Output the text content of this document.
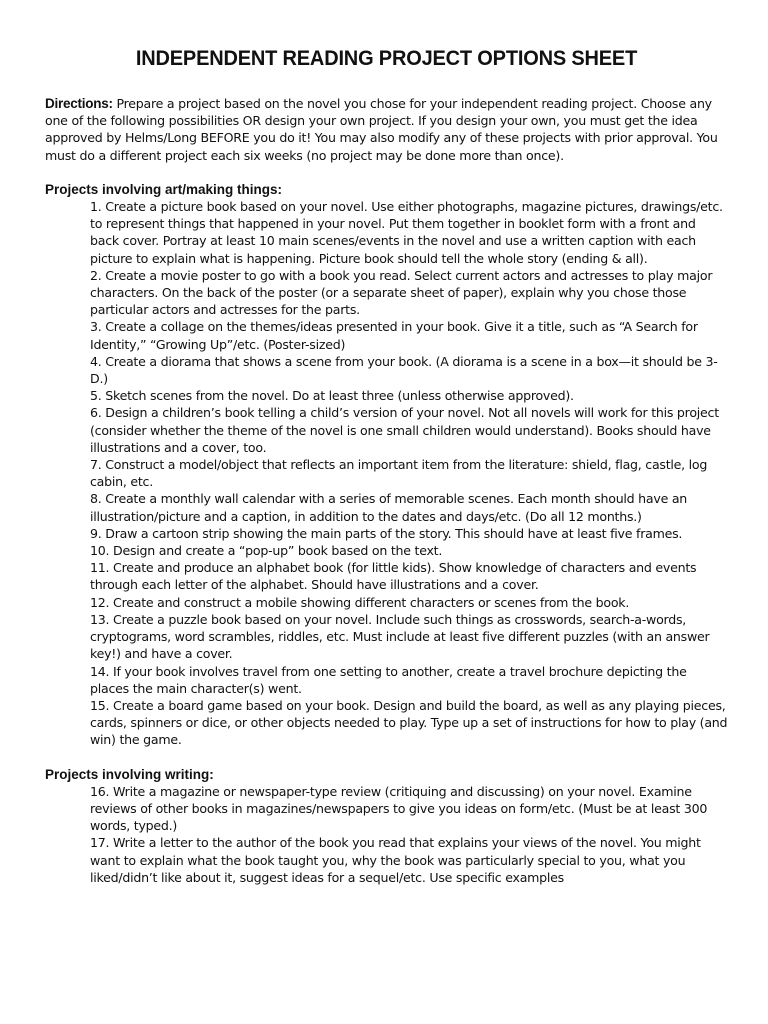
INDEPENDENT READING PROJECT OPTIONS SHEET

Directions: Prepare a project based on the novel you chose for your independent reading project. Choose any one of the following possibilities OR design your own project. If you design your own, you must get the idea approved by Helms/Long BEFORE you do it! You may also modify any of these projects with prior approval. You must do a different project each six weeks (no project may be done more than once).

Projects involving art/making things:

1. Create a picture book based on your novel. Use either photographs, magazine pictures, drawings/etc. to represent things that happened in your novel. Put them together in booklet form with a front and back cover. Portray at least 10 main scenes/events in the novel and use a written caption with each picture to explain what is happening. Picture book should tell the whole story (ending & all).
2. Create a movie poster to go with a book you read. Select current actors and actresses to play major characters. On the back of the poster (or a separate sheet of paper), explain why you chose those particular actors and actresses for the parts.
3. Create a collage on the themes/ideas presented in your book. Give it a title, such as “A Search for Identity,” “Growing Up”/etc. (Poster-sized)
4. Create a diorama that shows a scene from your book. (A diorama is a scene in a box—it should be 3- D.)
5. Sketch scenes from the novel. Do at least three (unless otherwise approved).
6. Design a children’s book telling a child’s version of your novel. Not all novels will work for this project (consider whether the theme of the novel is one small children would understand). Books should have illustrations and a cover, too.
7. Construct a model/object that reflects an important item from the literature: shield, flag, castle, log cabin, etc.
8. Create a monthly wall calendar with a series of memorable scenes. Each month should have an illustration/picture and a caption, in addition to the dates and days/etc. (Do all 12 months.)
9. Draw a cartoon strip showing the main parts of the story. This should have at least five frames.
10. Design and create a “pop-up” book based on the text.
11. Create and produce an alphabet book (for little kids). Show knowledge of characters and events through each letter of the alphabet. Should have illustrations and a cover.
12. Create and construct a mobile showing different characters or scenes from the book.
13. Create a puzzle book based on your novel. Include such things as crosswords, search-a-words, cryptograms, word scrambles, riddles, etc. Must include at least five different puzzles (with an answer key!) and have a cover.
14. If your book involves travel from one setting to another, create a travel brochure depicting the places the main character(s) went.
15. Create a board game based on your book. Design and build the board, as well as any playing pieces, cards, spinners or dice, or other objects needed to play. Type up a set of instructions for how to play (and win) the game.

Projects involving writing:

16. Write a magazine or newspaper-type review (critiquing and discussing) on your novel. Examine reviews of other books in magazines/newspapers to give you ideas on form/etc. (Must be at least 300 words, typed.)
17. Write a letter to the author of the book you read that explains your views of the novel. You might want to explain what the book taught you, why the book was particularly special to you, what you liked/didn’t like about it, suggest ideas for a sequel/etc. Use specific examples
